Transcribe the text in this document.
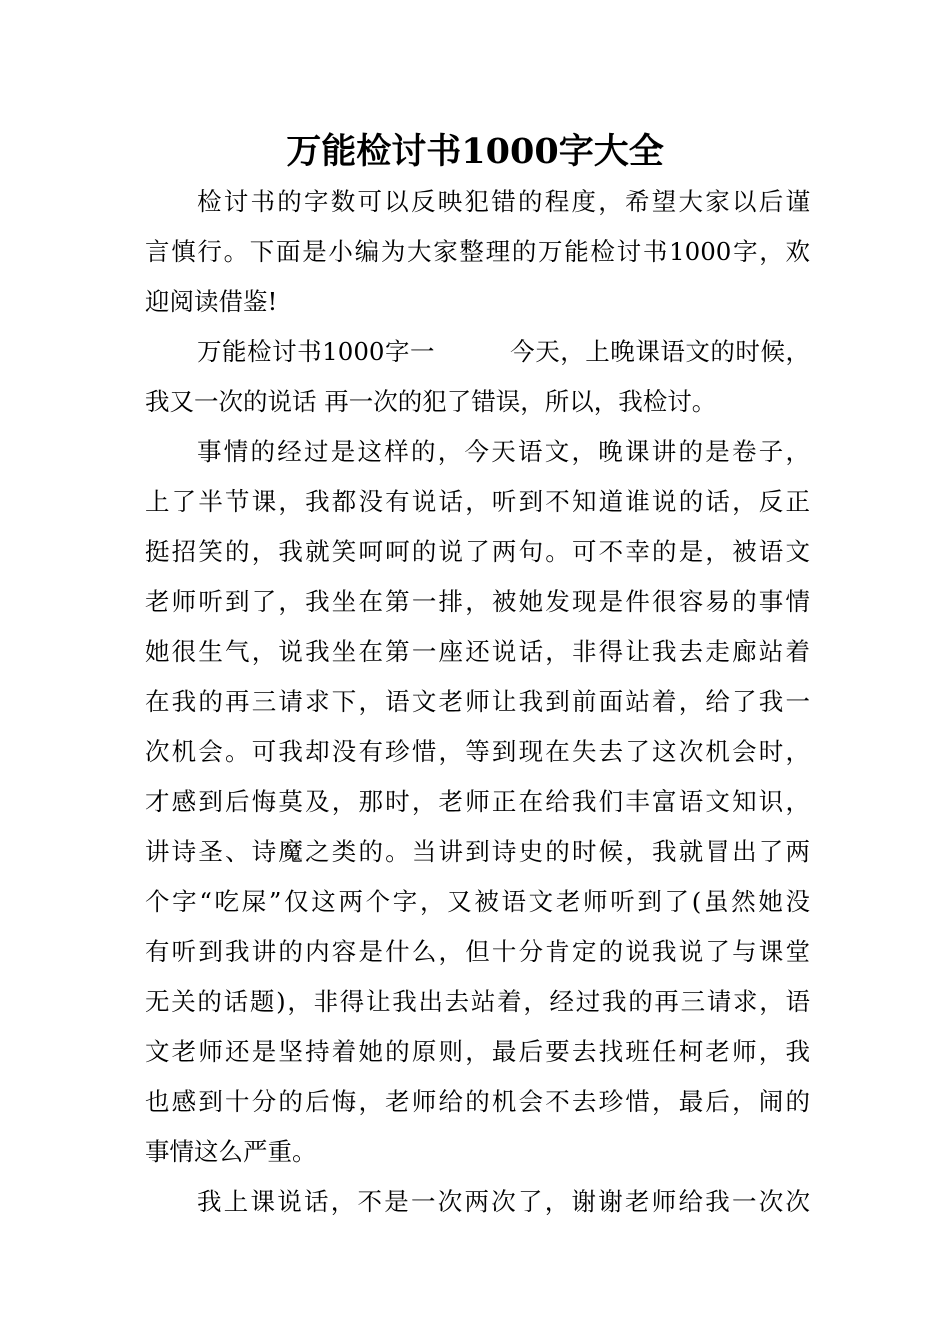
万能检讨书1000字大全
检讨书的字数可以反映犯错的程度，希望大家以后谨
言慎行。下面是小编为大家整理的万能检讨书1000字，欢
迎阅读借鉴!
万能检讨书1000字一　　　今天，上晚课语文的时候，
我又一次的说话 再一次的犯了错误，所以，我检讨。
事情的经过是这样的，今天语文，晚课讲的是卷子，
上了半节课，我都没有说话，听到不知道谁说的话，反正
挺招笑的，我就笑呵呵的说了两句。可不幸的是，被语文
老师听到了，我坐在第一排，被她发现是件很容易的事情
她很生气，说我坐在第一座还说话，非得让我去走廊站着
在我的再三请求下，语文老师让我到前面站着，给了我一
次机会。可我却没有珍惜，等到现在失去了这次机会时，
才感到后悔莫及，那时，老师正在给我们丰富语文知识，
讲诗圣、诗魔之类的。当讲到诗史的时候，我就冒出了两
个字“吃屎”仅这两个字，又被语文老师听到了(虽然她没
有听到我讲的内容是什么，但十分肯定的说我说了与课堂
无关的话题)，非得让我出去站着，经过我的再三请求，语
文老师还是坚持着她的原则，最后要去找班任柯老师，我
也感到十分的后悔，老师给的机会不去珍惜，最后，闹的
事情这么严重。
我上课说话，不是一次两次了，谢谢老师给我一次次
